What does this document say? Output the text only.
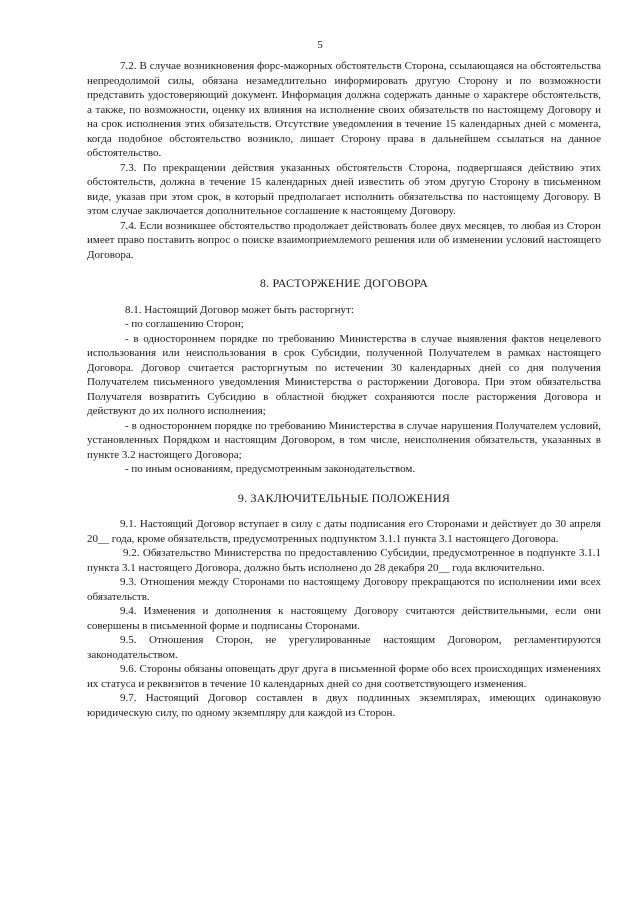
5

7.2. В случае возникновения форс-мажорных обстоятельств Сторона, ссылающаяся на обстоятельства непреодолимой силы, обязана незамедлительно информировать другую Сторону и по возможности представить удостоверяющий документ. Информация должна содержать данные о характере обстоятельств, а также, по возможности, оценку их влияния на исполнение своих обязательств по настоящему Договору и на срок исполнения этих обязательств. Отсутствие уведомления в течение 15 календарных дней с момента, когда подобное обстоятельство возникло, лишает Сторону права в дальнейшем ссылаться на данное обстоятельство.

7.3. По прекращении действия указанных обстоятельств Сторона, подвергшаяся действию этих обстоятельств, должна в течение 15 календарных дней известить об этом другую Сторону в письменном виде, указав при этом срок, в который предполагает исполнить обязательства по настоящему Договору. В этом случае заключается дополнительное соглашение к настоящему Договору.

7.4. Если возникшее обстоятельство продолжает действовать более двух месяцев, то любая из Сторон имеет право поставить вопрос о поиске взаимоприемлемого решения или об изменении условий настоящего Договора.

8. РАСТОРЖЕНИЕ ДОГОВОРА

8.1. Настоящий Договор может быть расторгнут:

- по соглашению Сторон;

- в одностороннем порядке по требованию Министерства в случае выявления фактов нецелевого использования или неиспользования в срок Субсидии, полученной Получателем в рамках настоящего Договора. Договор считается расторгнутым по истечении 30 календарных дней со дня получения Получателем письменного уведомления Министерства о расторжении Договора. При этом обязательства Получателя возвратить Субсидию в областной бюджет сохраняются после расторжения Договора и действуют до их полного исполнения;

- в одностороннем порядке по требованию Министерства в случае нарушения Получателем условий, установленных Порядком и настоящим Договором, в том числе, неисполнения обязательств, указанных в пункте 3.2 настоящего Договора;

- по иным основаниям, предусмотренным законодательством.

9. ЗАКЛЮЧИТЕЛЬНЫЕ ПОЛОЖЕНИЯ

9.1. Настоящий Договор вступает в силу с даты подписания его Сторонами и действует до 30 апреля 20__ года, кроме обязательств, предусмотренных подпунктом 3.1.1 пункта 3.1 настоящего Договора.

9.2. Обязательство Министерства по предоставлению Субсидии, предусмотренное в подпункте 3.1.1 пункта 3.1 настоящего Договора, должно быть исполнено до 28 декабря 20__ года включительно.

9.3. Отношения между Сторонами по настоящему Договору прекращаются по исполнении ими всех обязательств.

9.4. Изменения и дополнения к настоящему Договору считаются действительными, если они совершены в письменной форме и подписаны Сторонами.

9.5. Отношения Сторон, не урегулированные настоящим Договором, регламентируются законодательством.

9.6. Стороны обязаны оповещать друг друга в письменной форме обо всех происходящих изменениях их статуса и реквизитов в течение 10 календарных дней со дня соответствующего изменения.

9.7. Настоящий Договор составлен в двух подлинных экземплярах, имеющих одинаковую юридическую силу, по одному экземпляру для каждой из Сторон.
